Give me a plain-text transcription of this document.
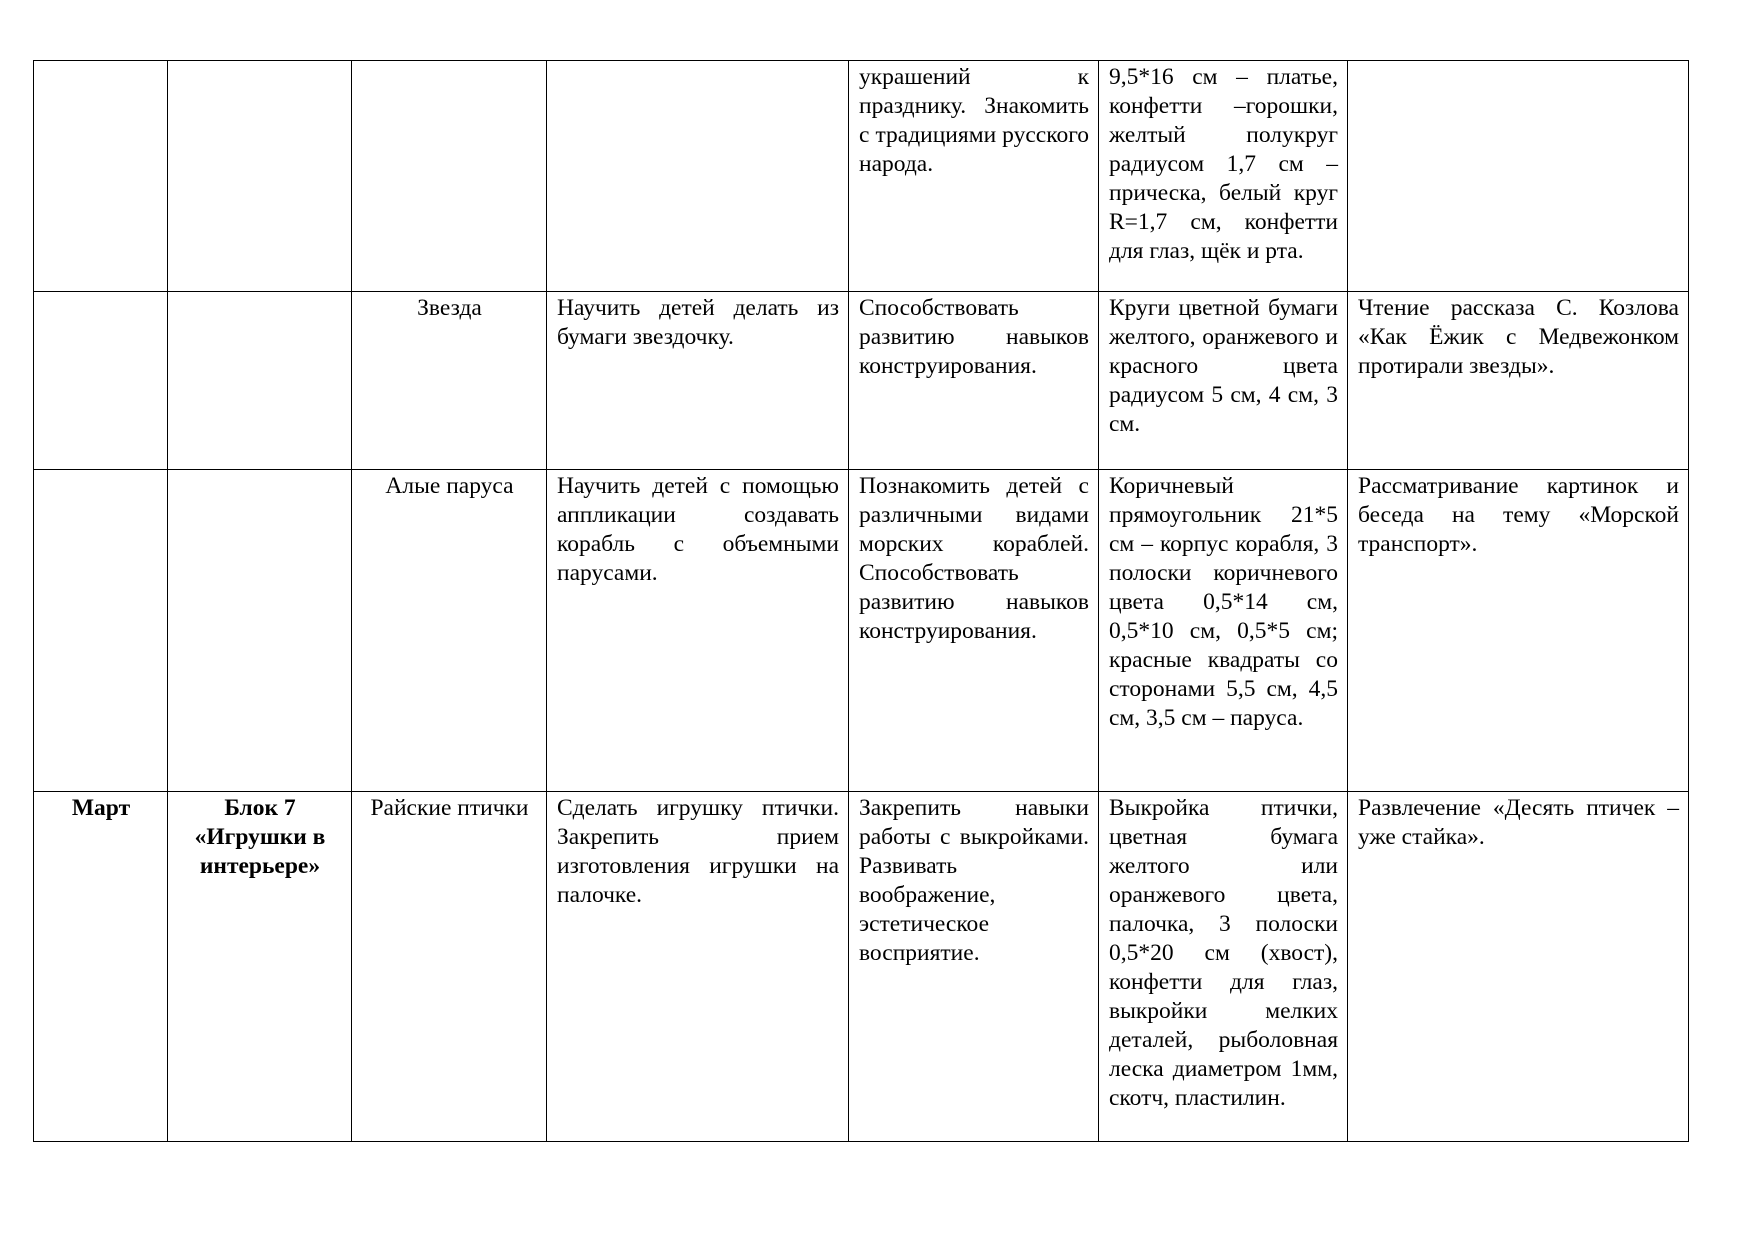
				украшений к празднику. Знакомить с традициями русского народа.	9,5*16 см – платье, конфетти –горошки, желтый полукруг радиусом 1,7 см – прическа, белый круг R=1,7 см, конфетти для глаз, щёк и рта.	
		Звезда	Научить детей делать из бумаги звездочку.	Способствовать развитию навыков конструирования.	Круги цветной бумаги желтого, оранжевого и красного цвета радиусом 5 см, 4 см, 3 см.	Чтение рассказа С. Козлова «Как Ёжик с Медвежонком протирали звезды».
		Алые паруса	Научить детей с помощью аппликации создавать корабль с объемными парусами.	Познакомить детей с различными видами морских кораблей. Способствовать развитию навыков конструирования.	Коричневый прямоугольник 21*5 см – корпус корабля, 3 полоски коричневого цвета 0,5*14 см, 0,5*10 см, 0,5*5 см; красные квадраты со сторонами 5,5 см, 4,5 см, 3,5 см – паруса.	Рассматривание картинок и беседа на тему «Морской транспорт».
Март	Блок 7
«Игрушки в
интерьере»	Райские птички	Сделать игрушку птички. Закрепить прием изготовления игрушки на палочке.	Закрепить навыки работы с выкройками. Развивать воображение, эстетическое восприятие.	Выкройка птички, цветная бумага желтого или оранжевого цвета, палочка, 3 полоски 0,5*20 см (хвост), конфетти для глаз, выкройки мелких деталей, рыболовная леска диаметром 1мм, скотч, пластилин.	Развлечение «Десять птичек – уже стайка».
